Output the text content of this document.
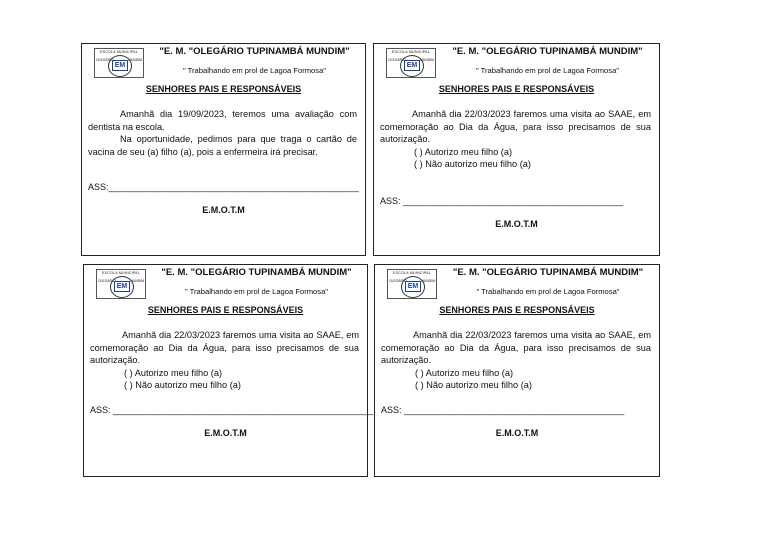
ESCOLA MUNICIPAL
OLEGÁRIO	MUNDIM
EM
"E. M. "OLEGÁRIO TUPINAMBÁ MUNDIM"
" Trabalhando em prol de Lagoa Formosa"
SENHORES PAIS E RESPONSÁVEIS

Amanhã dia 19/09/2023, teremos uma avaliação com dentista na escola.

Na oportunidade, pedimos para que traga o cartão de vacina de seu (a) filho (a), pois a enfermeira irá precisar.

ASS:__________________________________________________
E.M.O.T.M
ESCOLA MUNICIPAL
OLEGÁRIO	MUNDIM
EM
"E. M. "OLEGÁRIO TUPINAMBÁ MUNDIM"
" Trabalhando em prol de Lagoa Formosa"
SENHORES PAIS E RESPONSÁVEIS

Amanhã dia 22/03/2023 faremos uma visita ao SAAE, em comemoração ao Dia da Água, para isso precisamos de sua autorização.

( ) Autorizo meu filho (a)
( ) Não autorizo meu filho (a)
ASS: ____________________________________________
E.M.O.T.M
ESCOLA MUNICIPAL
OLEGÁRIO	MUNDIM
EM
"E. M. "OLEGÁRIO TUPINAMBÁ MUNDIM"
" Trabalhando em prol de Lagoa Formosa"
SENHORES PAIS E RESPONSÁVEIS

Amanhã dia 22/03/2023 faremos uma visita ao SAAE, em comemoração ao Dia da Água, para isso precisamos de sua autorização.

( ) Autorizo meu filho (a)
( ) Não autorizo meu filho (a)
ASS: ____________________________________________________
E.M.O.T.M
ESCOLA MUNICIPAL
OLEGÁRIO	MUNDIM
EM
"E. M. "OLEGÁRIO TUPINAMBÁ MUNDIM"
" Trabalhando em prol de Lagoa Formosa"
SENHORES PAIS E RESPONSÁVEIS

Amanhã dia 22/03/2023 faremos uma visita ao SAAE, em comemoração ao Dia da Água, para isso precisamos de sua autorização.

( ) Autorizo meu filho (a)
( ) Não autorizo meu filho (a)
ASS: ____________________________________________
E.M.O.T.M
